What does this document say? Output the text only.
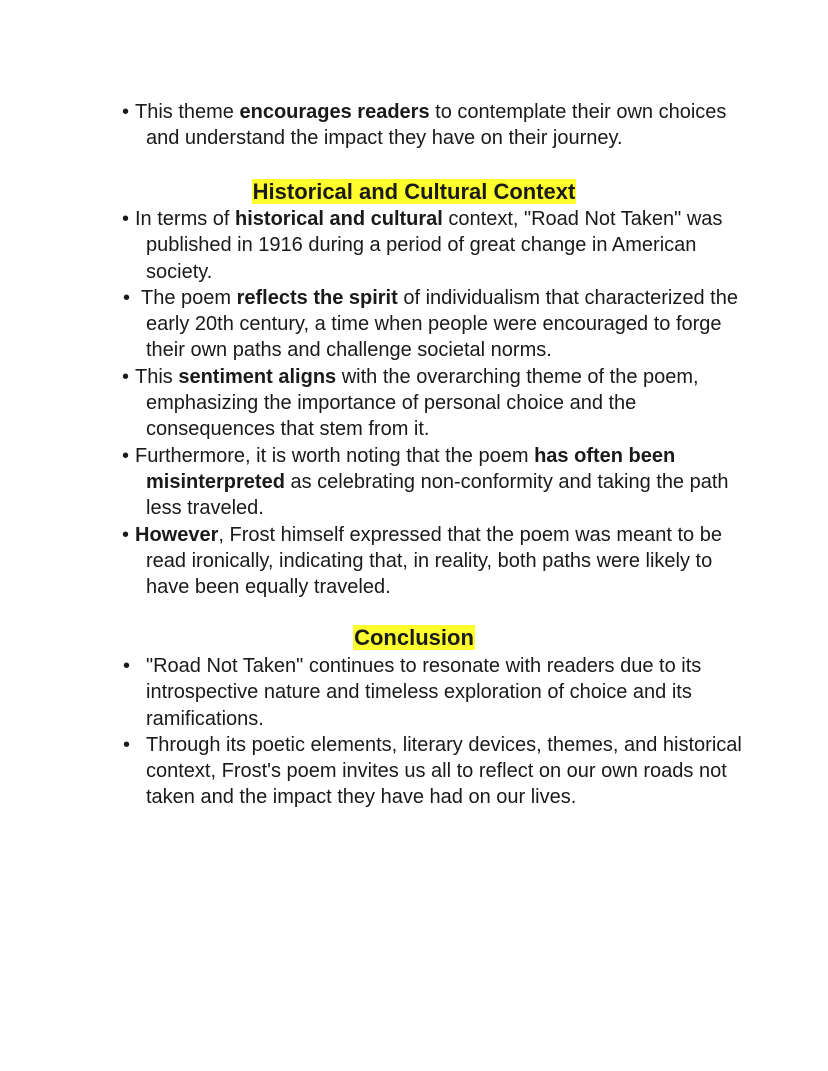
• This theme encourages readers to contemplate their own choices and understand the impact they have on their journey.
Historical and Cultural Context
• In terms of historical and cultural context, "Road Not Taken" was published in 1916 during a period of great change in American society.
• The poem reflects the spirit of individualism that characterized the early 20th century, a time when people were encouraged to forge their own paths and challenge societal norms.
• This sentiment aligns with the overarching theme of the poem, emphasizing the importance of personal choice and the consequences that stem from it.
• Furthermore, it is worth noting that the poem has often been misinterpreted as celebrating non-conformity and taking the path less traveled.
• However, Frost himself expressed that the poem was meant to be read ironically, indicating that, in reality, both paths were likely to have been equally traveled.
Conclusion
• "Road Not Taken" continues to resonate with readers due to its introspective nature and timeless exploration of choice and its ramifications.
• Through its poetic elements, literary devices, themes, and historical context, Frost's poem invites us all to reflect on our own roads not taken and the impact they have had on our lives.
